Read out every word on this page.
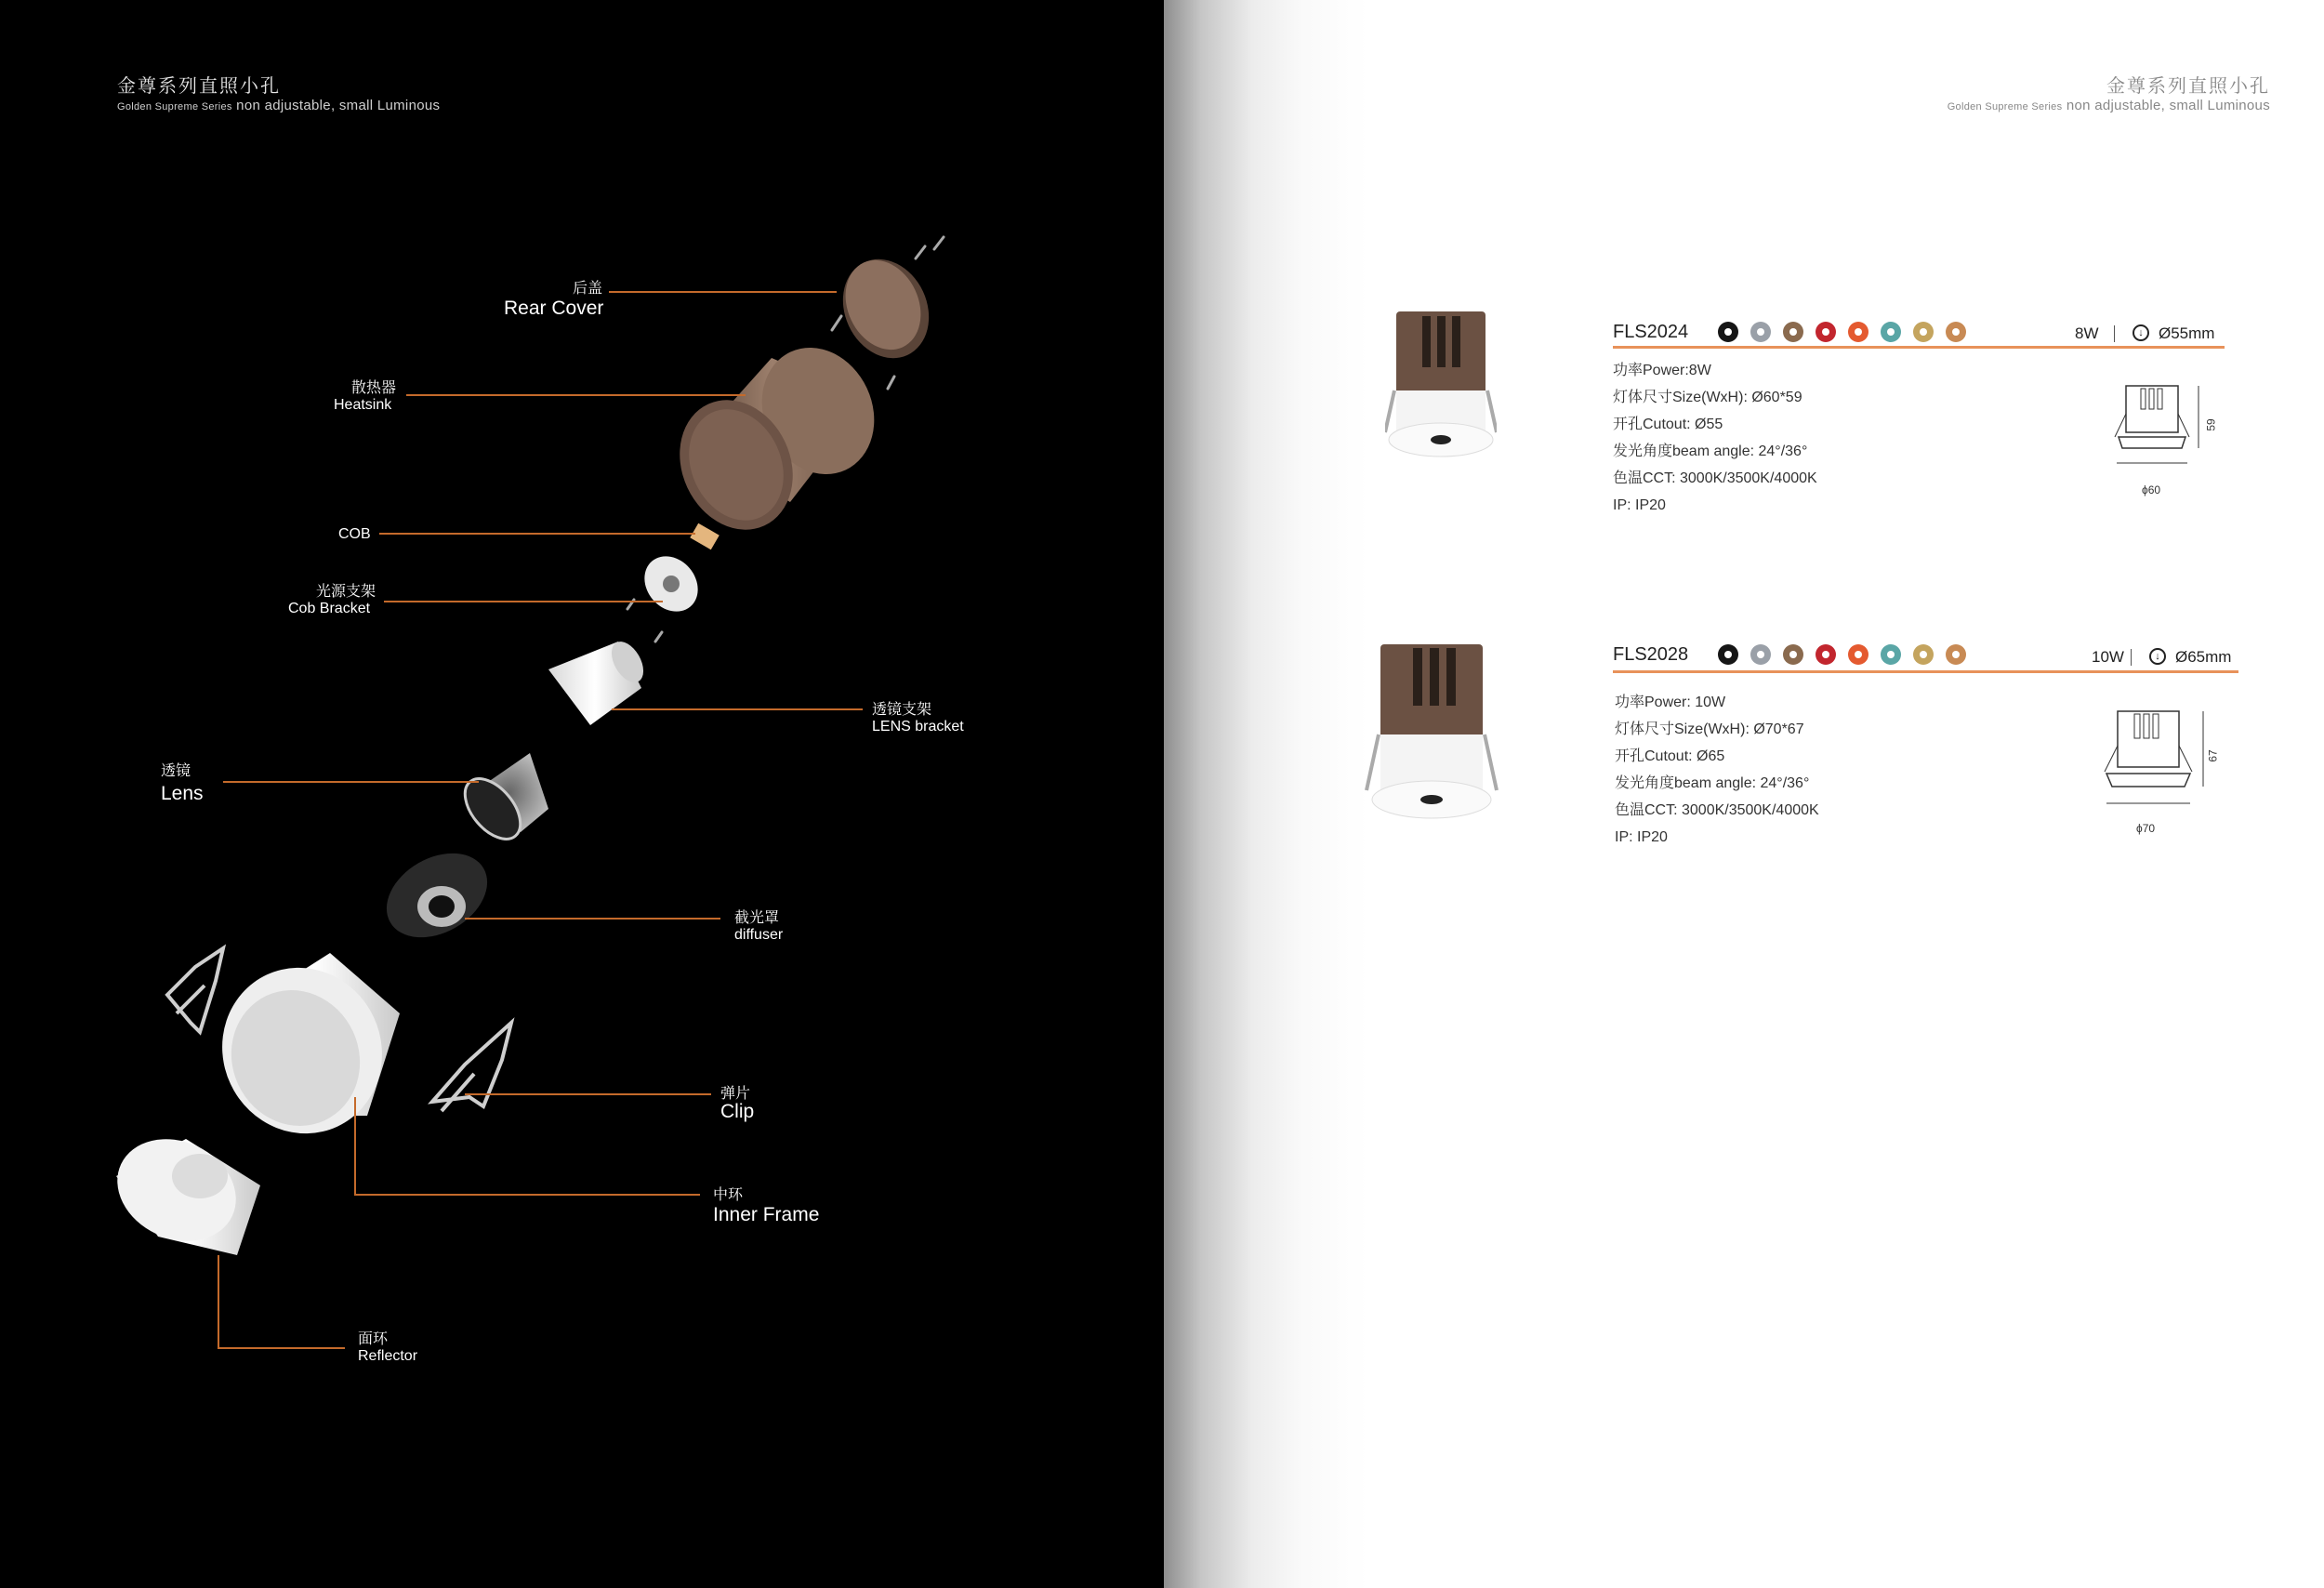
金尊系列直照小孔
Golden Supreme Series non adjustable, small Luminous
后盖
Rear Cover
散热器
Heatsink
COB
光源支架
Cob Bracket
透镜支架
LENS bracket
透镜
Lens
截光罩
diffuser
弹片
Clip
中环
Inner Frame
面环
Reflector
金尊系列直照小孔
Golden Supreme Series non adjustable, small Luminous
FLS2024	8W	↓ Ø55mm
功率Power:8W
灯体尺寸Size(WxH): Ø60*59
开孔Cutout: Ø55
发光角度beam angle: 24°/36°
色温CCT: 3000K/3500K/4000K
IP: IP20
59
ϕ60
FLS2028	10W	↓ Ø65mm
功率Power: 10W
灯体尺寸Size(WxH): Ø70*67
开孔Cutout: Ø65
发光角度beam angle: 24°/36°
色温CCT: 3000K/3500K/4000K
IP: IP20
67
ϕ70
